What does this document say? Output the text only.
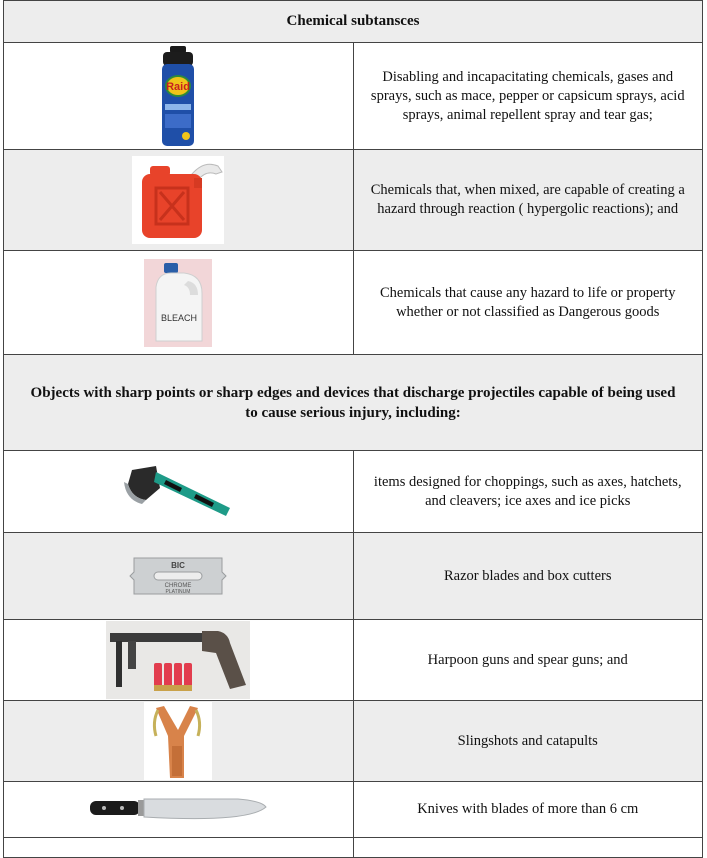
Chemical subtansces	

Raid	Disabling and incapacitating chemicals, gases and sprays, such as mace, pepper or capsicum sprays, acid sprays, animal repellent spray and tear gas;

	Chemicals that, when mixed, are capable of creating a hazard through reaction ( hypergolic reactions); and

BLEACH	Chemicals that cause any hazard to life or property whether or not classified as Dangerous goods
Objects with sharp points or sharp edges and devices that discharge projectiles capable of being used to cause serious injury, including:	

	items designed for choppings, such as axes, hatchets, and cleavers; ice axes and ice picks

BIC
CHROME
PLATINUM	Razor blades and box cutters

	Harpoon guns and spear guns; and

	Slingshots and catapults

	Knives with blades of more than 6 cm
